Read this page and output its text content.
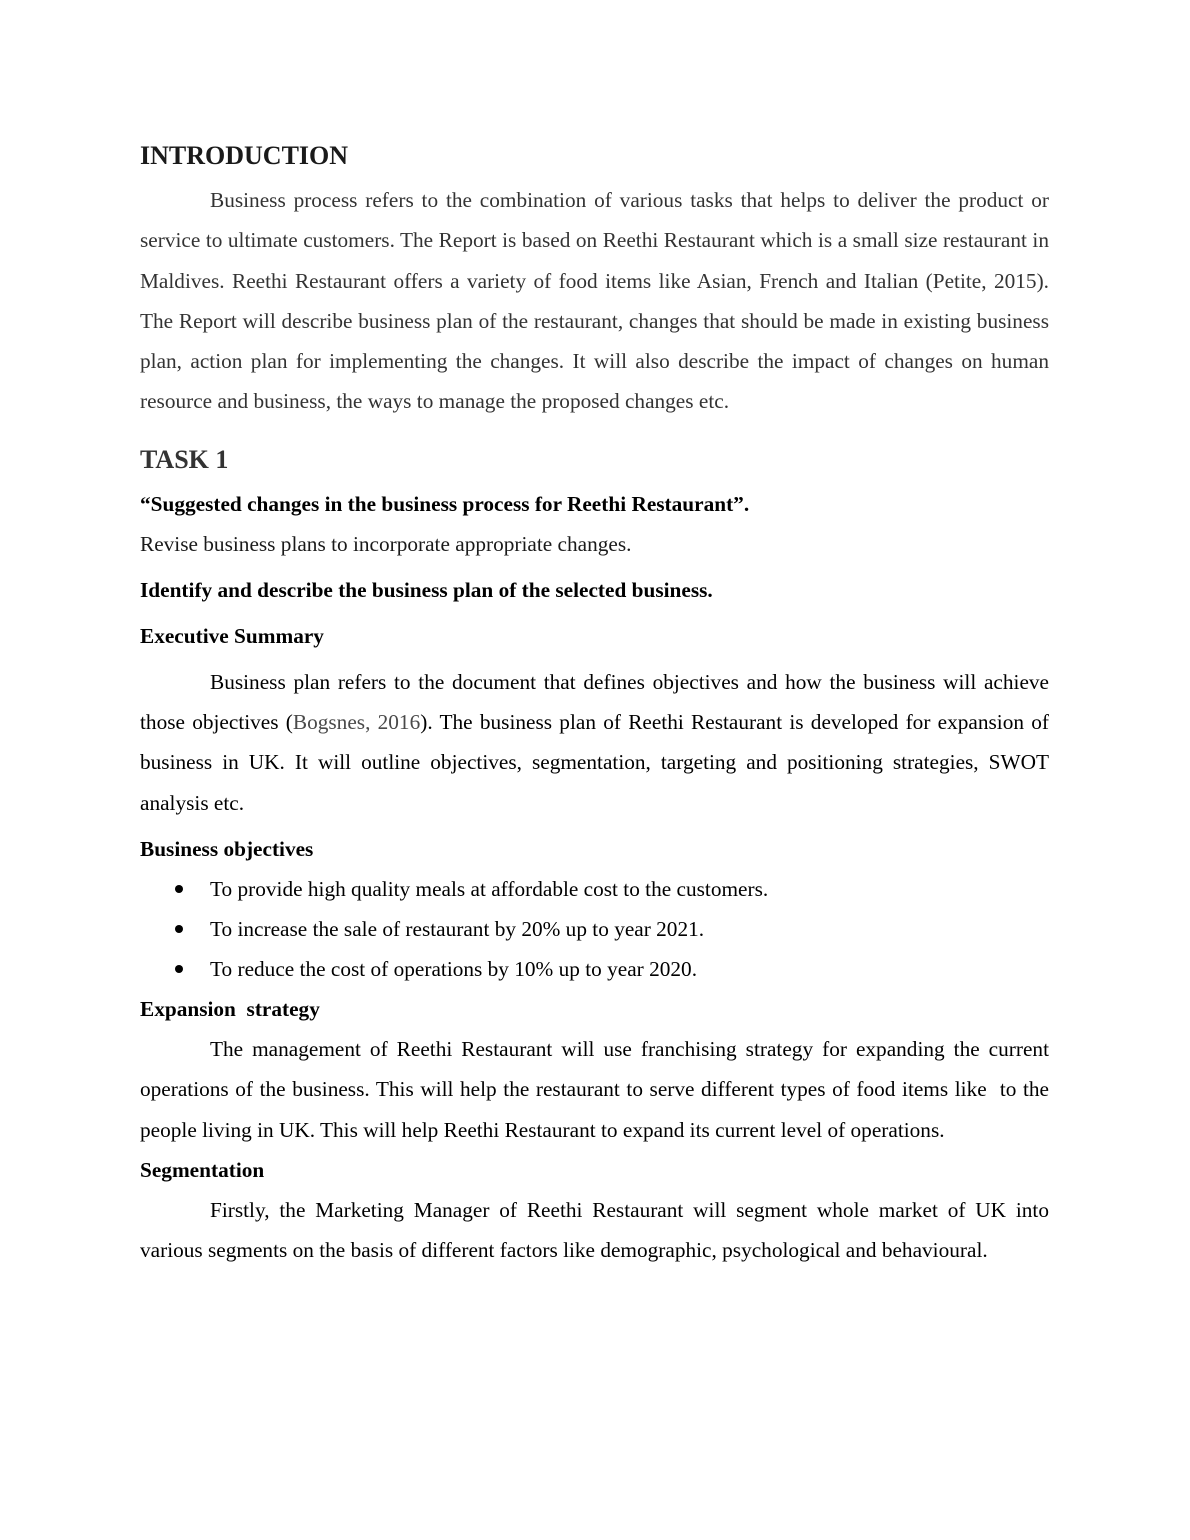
INTRODUCTION

Business process refers to the combination of various tasks that helps to deliver the product or service to ultimate customers. The Report is based on Reethi Restaurant which is a small size restaurant in Maldives. Reethi Restaurant offers a variety of food items like Asian, French and Italian (Petite, 2015). The Report will describe business plan of the restaurant, changes that should be made in existing business plan, action plan for implementing the changes. It will also describe the impact of changes on human resource and business, the ways to manage the proposed changes etc.

TASK 1

“Suggested changes in the business process for Reethi Restaurant”.

Revise business plans to incorporate appropriate changes.

Identify and describe the business plan of the selected business.

Executive Summary

Business plan refers to the document that defines objectives and how the business will achieve those objectives (Bogsnes, 2016). The business plan of Reethi Restaurant is developed for expansion of business in UK. It will outline objectives, segmentation, targeting and positioning strategies, SWOT analysis etc.

Business objectives

To provide high quality meals at affordable cost to the customers.
To increase the sale of restaurant by 20% up to year 2021.
To reduce the cost of operations by 10% up to year 2020.

Expansion  strategy

The management of Reethi Restaurant will use franchising strategy for expanding the current operations of the business. This will help the restaurant to serve different types of food items like  to the people living in UK. This will help Reethi Restaurant to expand its current level of operations.

Segmentation

Firstly, the Marketing Manager of Reethi Restaurant will segment whole market of UK into various segments on the basis of different factors like demographic, psychological and behavioural.
